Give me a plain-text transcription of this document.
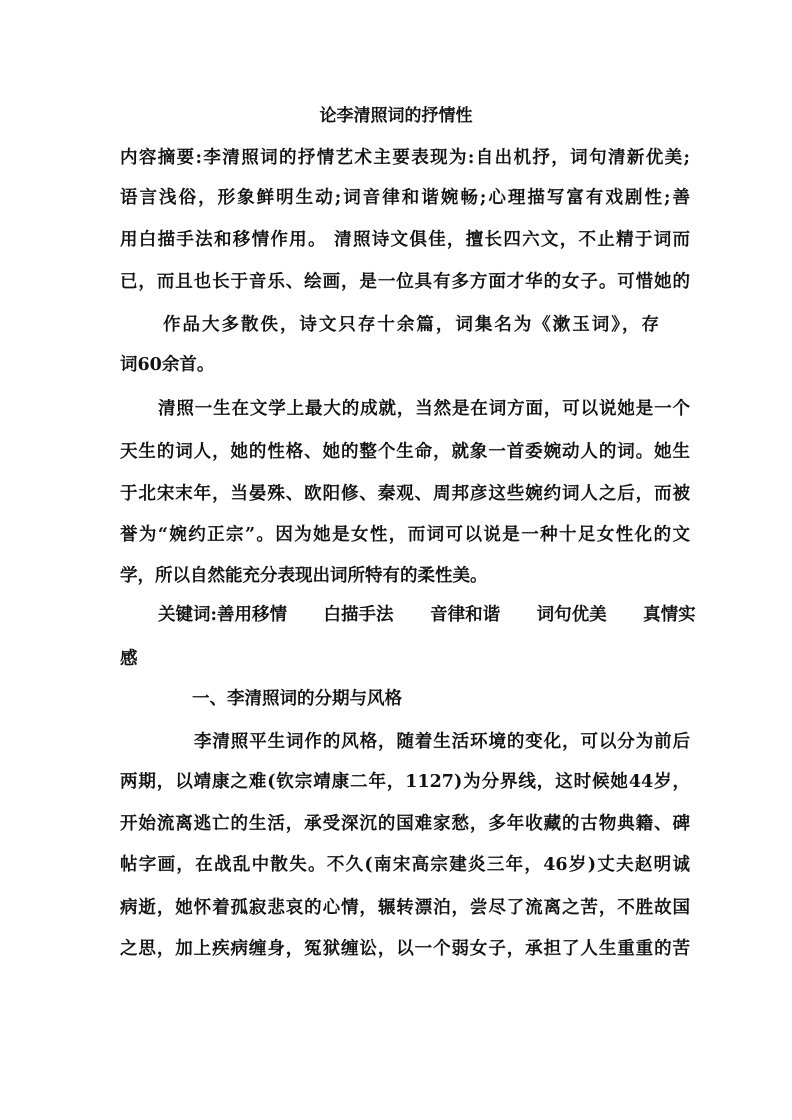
论李清照词的抒情性
内容摘要:李清照词的抒情艺术主要表现为:自出机抒，词句清新优美;
语言浅俗，形象鲜明生动;词音律和谐婉畅;心理描写富有戏剧性;善
用白描手法和移情作用。 清照诗文俱佳，擅长四六文，不止精于词而
已，而且也长于音乐、绘画，是一位具有多方面才华的女子。可惜她的
作品大多散佚，诗文只存十余篇，词集名为《漱玉词》，存
词60余首。
清照一生在文学上最大的成就，当然是在词方面，可以说她是一个
天生的词人，她的性格、她的整个生命，就象一首委婉动人的词。她生
于北宋末年，当晏殊、欧阳修、秦观、周邦彦这些婉约词人之后，而被
誉为“婉约正宗”。因为她是女性，而词可以说是一种十足女性化的文
学，所以自然能充分表现出词所特有的柔性美。
关键词:善用移情      白描手法      音律和谐      词句优美      真情实
感
一、李清照词的分期与风格
李清照平生词作的风格，随着生活环境的变化，可以分为前后
两期，以靖康之难(钦宗靖康二年，1127)为分界线，这时候她44岁，
开始流离逃亡的生活，承受深沉的国难家愁，多年收藏的古物典籍、碑
帖字画，在战乱中散失。不久(南宋高宗建炎三年，46岁)丈夫赵明诚
病逝，她怀着孤寂悲哀的心情，辗转漂泊，尝尽了流离之苦，不胜故国
之思，加上疾病缠身，冤狱缠讼，以一个弱女子，承担了人生重重的苦
